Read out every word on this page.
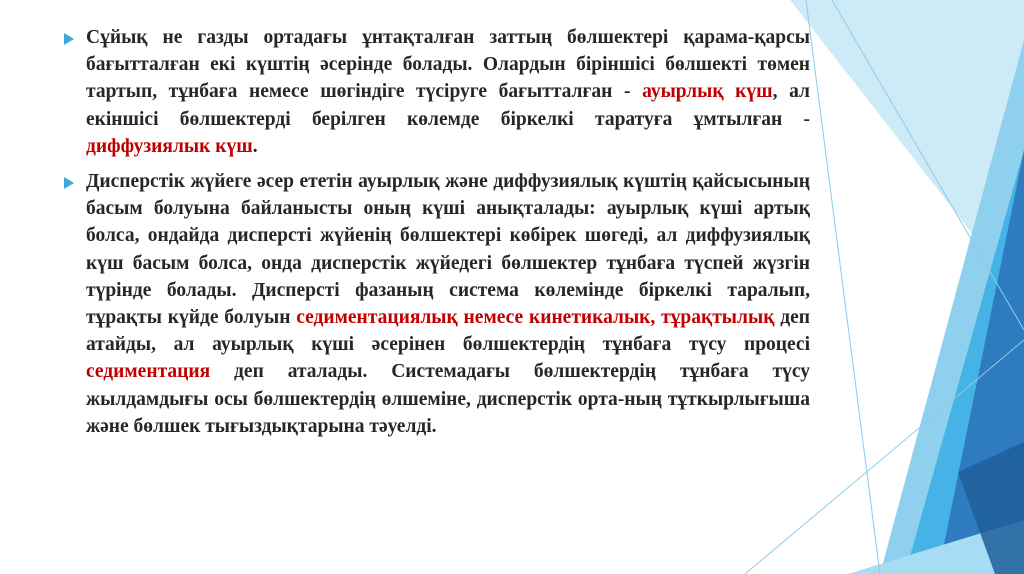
Сұйық не газды ортадағы ұнтақталған заттың бөлшектері қарама-қарсы бағытталған екі күштің әсерінде болады. Олардын біріншісі бөлшекті төмен тартып, тұнбаға немесе шөгіндіге түсіруге бағытталған - ауырлық күш, ал екіншісі бөлшектерді берілген көлемде біркелкі таратуға ұмтылған - диффузиялык күш.

Дисперстік жүйеге әсер ететін ауырлық және диффузиялық күштің қайсысының басым болуына байланысты оның күші анықталады: ауырлық күші артық болса, ондайда дисперсті жүйенің бөлшектері көбірек шөгеді, ал диффузиялық күш басым болса, онда дисперстік жүйедегі бөлшектер тұнбаға түспей жүзгін түрінде болады. Дисперсті фазаның система көлемінде біркелкі таралып, тұрақты күйде болуын седиментациялық немесе кинетикалык, тұрақтылық деп атайды, ал ауырлық күші әсерінен бөлшектердің тұнбаға түсу процесі седиментация деп аталады. Системадағы бөлшектердің тұнбаға түсу жылдамдығы осы бөлшектердің өлшеміне, дисперстік орта-ның тұткырлығыша және бөлшек тығыздықтарына тәуелді.
